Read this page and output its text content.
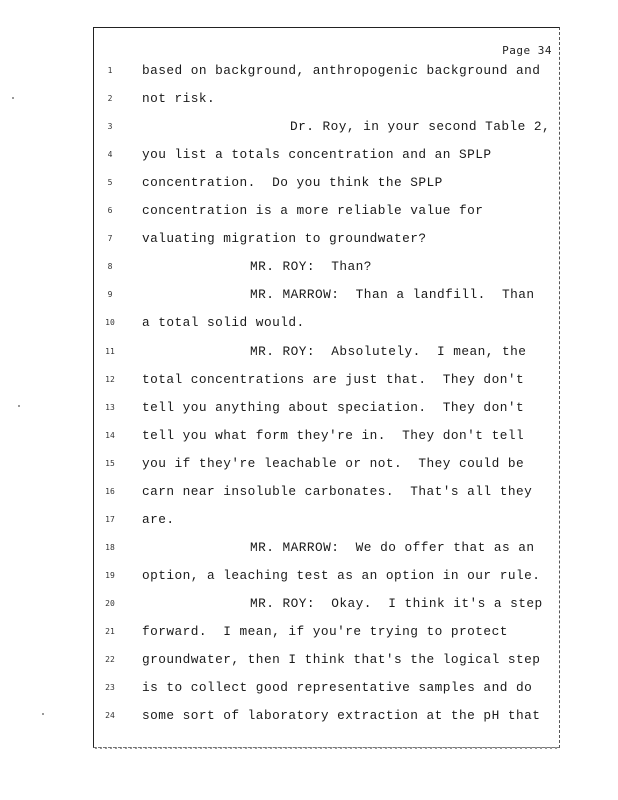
Page 34
1	based on background, anthropogenic background and
2	not risk.
3	Dr. Roy, in your second Table 2,
4	you list a totals concentration and an SPLP
5	concentration.  Do you think the SPLP
6	concentration is a more reliable value for
7	valuating migration to groundwater?
8	MR. ROY:  Than?
9	MR. MARROW:  Than a landfill.  Than
10	a total solid would.
11	MR. ROY:  Absolutely.  I mean, the
12	total concentrations are just that.  They don't
13	tell you anything about speciation.  They don't
14	tell you what form they're in.  They don't tell
15	you if they're leachable or not.  They could be
16	carn near insoluble carbonates.  That's all they
17	are.
18	MR. MARROW:  We do offer that as an
19	option, a leaching test as an option in our rule.
20	MR. ROY:  Okay.  I think it's a step
21	forward.  I mean, if you're trying to protect
22	groundwater, then I think that's the logical step
23	is to collect good representative samples and do
24	some sort of laboratory extraction at the pH that
